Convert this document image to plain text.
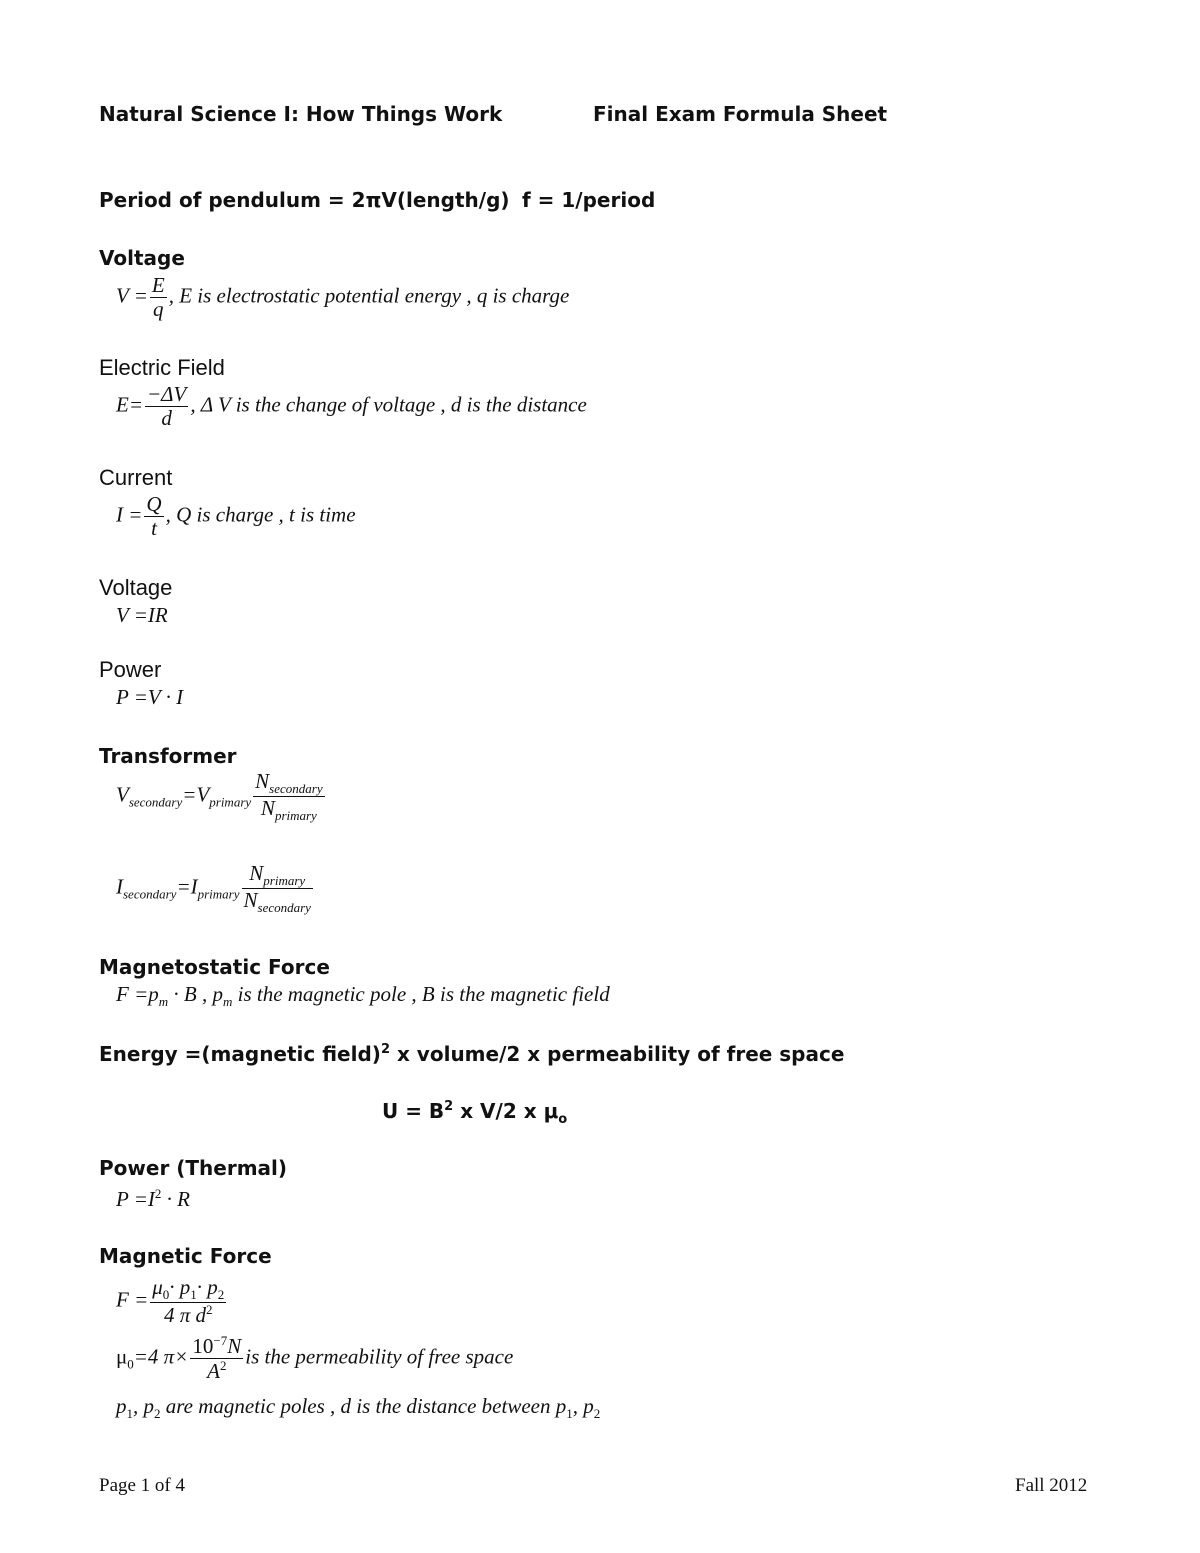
Natural Science I: How Things Work	Final Exam Formula Sheet
Period of pendulum = 2πV(length/g) f = 1/period
Voltage
$V = \frac{E}{q}$ , E is electrostatic potential energy , q is charge
Electric Field
$E= \frac{-\Delta V}{d}$ , Δ V is the change of voltage , d is the distance
Current
$I = \frac{Q}{t}$ , Q is charge , t is time
Voltage
V =IR
Power
P =V · I
Transformer
$V_{secondary}=V_{primary} \frac{N_{secondary}}{N_{primary}}$
$I_{secondary}=I_{primary} \frac{N_{primary}}{N_{secondary}}$
Magnetostatic Force
$F =p_m \cdot B$ , $p_m$ is the magnetic pole , B is the magnetic field
Energy =(magnetic field)$^2$ x volume/2 x permeability of free space
$U = B^2$ x V/2 x $\mu_o$
Power (Thermal)
$P =I^2 \cdot R$
Magnetic Force
$F = \frac{\mu_0\cdot p_1\cdot p_2}{4 \pi d^2}$
$\mu_0=4$ $\pi\times \frac{10^{-7}N}{A^2}$ is the permeability of free space
$p_1$, $p_2$ are magnetic poles , d is the distance between $p_1$, $p_2$
Page 1 of 4	Fall 2012
